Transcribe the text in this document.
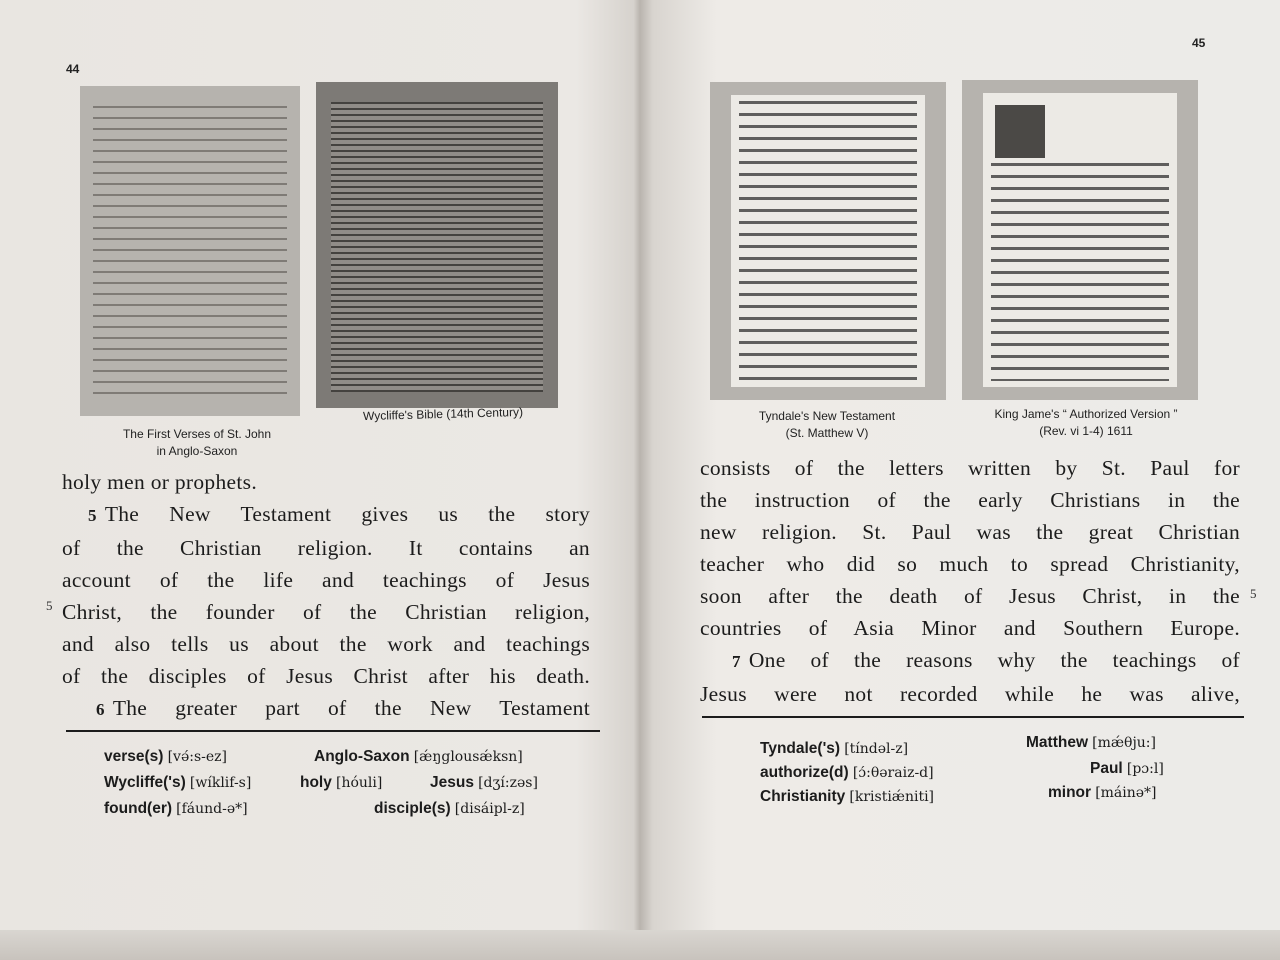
44
The First Verses of St. John
in Anglo-Saxon
Wycliffe's Bible (14th Century)
holy men or prophets.
5 The New Testament gives us the story
of the Christian religion. It contains an
account of the life and teachings of Jesus
Christ, the founder of the Christian religion,
and also tells us about the work and teachings
of the disciples of Jesus Christ after his death.
6 The greater part of the New Testament
5
verse(s) [vǝ́:s-ez]	Anglo-Saxon [ǽŋglousǽksn]
Wycliffe('s) [wíklif-s]	holy [hóuli]	Jesus [dʒí:zǝs]
found(er) [fáund-ǝ*]	disciple(s) [disáipl-z]
45
Tyndale's New Testament
(St. Matthew V)
King Jame's “ Authorized Version ”
(Rev. vi 1-4) 1611
consists of the letters written by St. Paul for
the instruction of the early Christians in the
new religion. St. Paul was the great Christian
teacher who did so much to spread Christianity,
soon after the death of Jesus Christ, in the
countries of Asia Minor and Southern Europe.
7 One of the reasons why the teachings of
Jesus were not recorded while he was alive,
5
Tyndale('s) [tíndǝl-z]	Matthew [mǽθju:]
authorize(d) [ɔ́:θǝraiz-d]	Paul [pɔ:l]
Christianity [kristiǽniti]	minor [máinǝ*]
